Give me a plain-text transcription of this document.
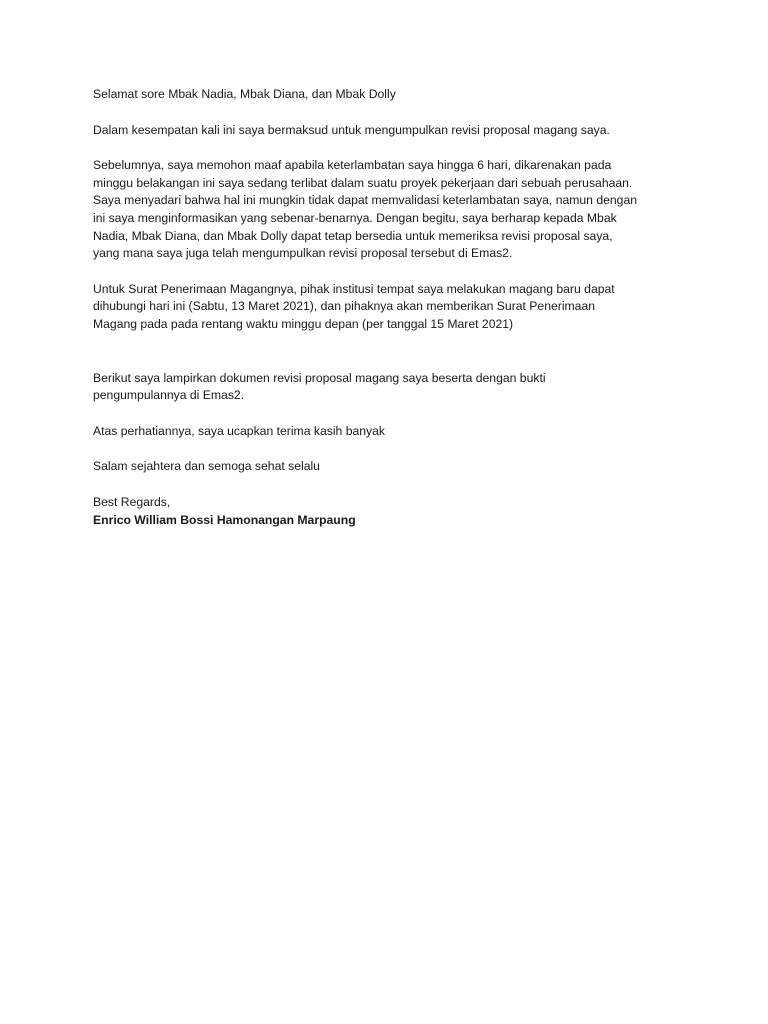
Selamat sore Mbak Nadia, Mbak Diana, dan Mbak Dolly

Dalam kesempatan kali ini saya bermaksud untuk mengumpulkan revisi proposal magang saya.

Sebelumnya, saya memohon maaf apabila keterlambatan saya hingga 6 hari, dikarenakan pada
minggu belakangan ini saya sedang terlibat dalam suatu proyek pekerjaan dari sebuah perusahaan.
Saya menyadari bahwa hal ini mungkin tidak dapat memvalidasi keterlambatan saya, namun dengan
ini saya menginformasikan yang sebenar-benarnya. Dengan begitu, saya berharap kepada Mbak
Nadia, Mbak Diana, dan Mbak Dolly dapat tetap bersedia untuk memeriksa revisi proposal saya,
yang mana saya juga telah mengumpulkan revisi proposal tersebut di Emas2.

Untuk Surat Penerimaan Magangnya, pihak institusi tempat saya melakukan magang baru dapat
dihubungi hari ini (Sabtu, 13 Maret 2021), dan pihaknya akan memberikan Surat Penerimaan
Magang pada pada rentang waktu minggu depan (per tanggal 15 Maret 2021)

Berikut saya lampirkan dokumen revisi proposal magang saya beserta dengan bukti
pengumpulannya di Emas2.

Atas perhatiannya, saya ucapkan terima kasih banyak

Salam sejahtera dan semoga sehat selalu

Best Regards,

Enrico William Bossi Hamonangan Marpaung
